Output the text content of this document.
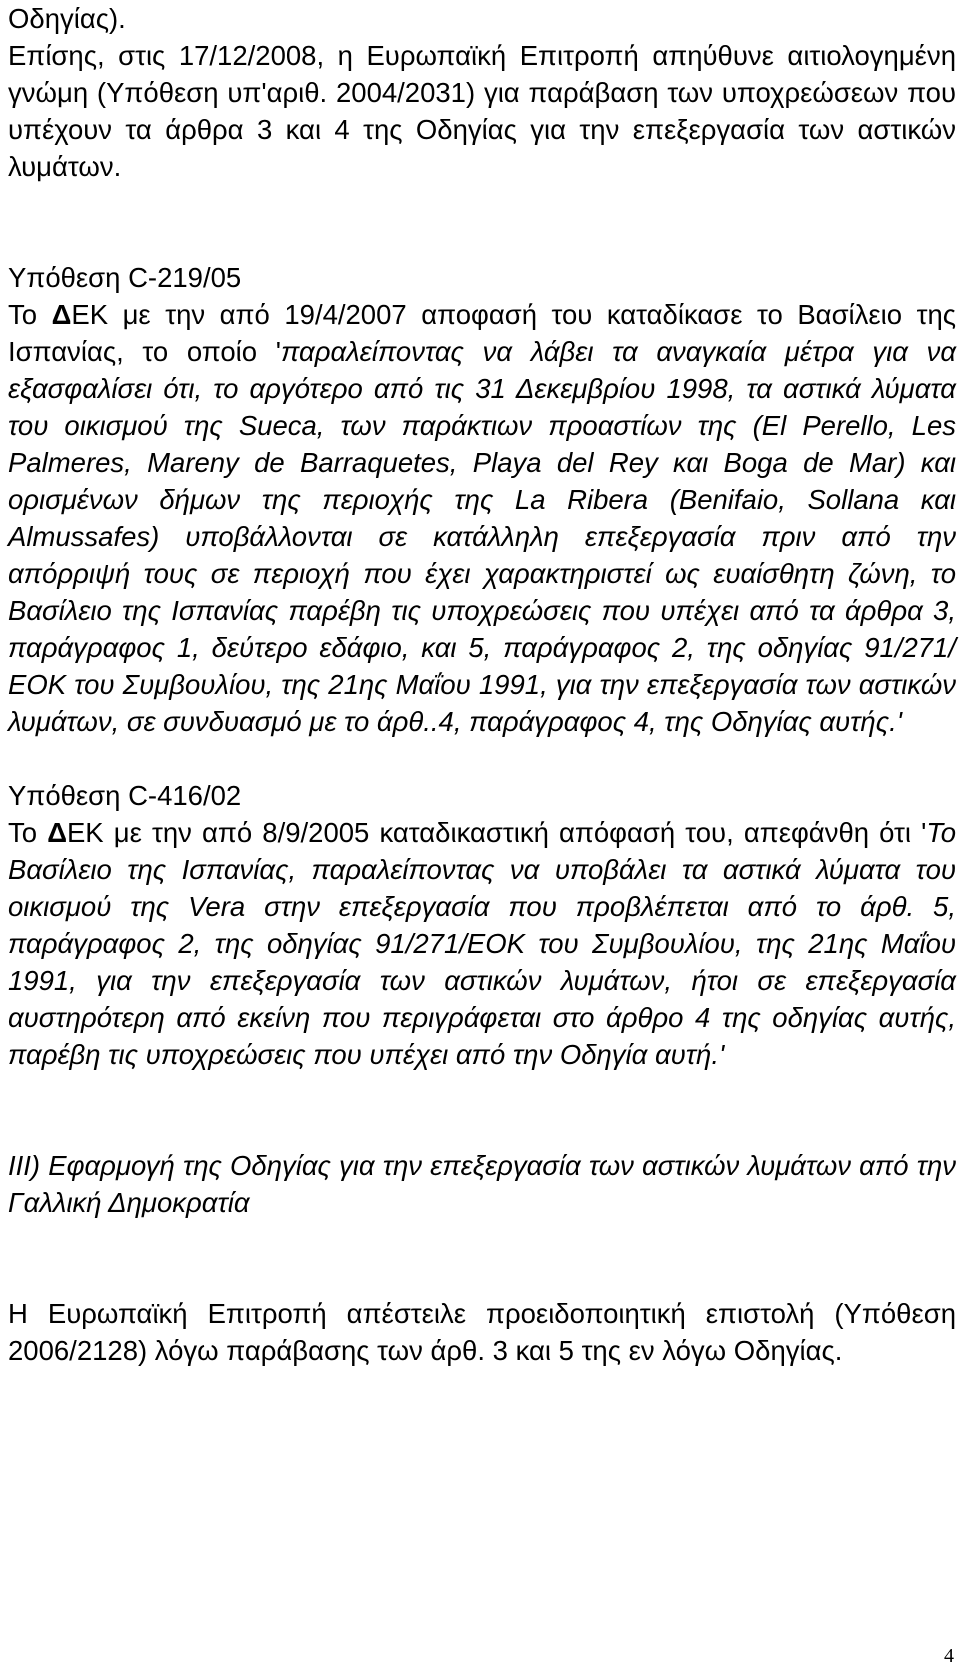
Οδηγίας).

Επίσης, στις 17/12/2008, η Ευρωπαϊκή Επιτροπή απηύθυνε αιτιολογημένη γνώμη (Υπόθεση υπ'αριθ. 2004/2031) για παράβαση των υποχρεώσεων που υπέχουν τα άρθρα 3 και 4 της Οδηγίας για την επεξεργασία των αστικών λυμάτων.

Υπόθεση C-219/05

Το ΔΕΚ με την από 19/4/2007 αποφασή του καταδίκασε το Βασίλειο της Ισπανίας, το οποίο 'παραλείποντας να λάβει τα αναγκαία μέτρα για να εξασφαλίσει ότι, το αργότερο από τις 31 Δεκεμβρίου 1998, τα αστικά λύματα του οικισμού της Sueca, των παράκτιων προαστίων της (El Perello, Les Palmeres, Mareny de Barraquetes, Playa del Rey και Boga de Mar) και ορισμένων δήμων της περιοχής της La Ribera (Benifaio, Sollana και Almussafes) υποβάλλονται σε κατάλληλη επεξεργασία πριν από την απόρριψή τους σε περιοχή που έχει χαρακτηριστεί ως ευαίσθητη ζώνη, το Βασίλειο της Ισπανίας παρέβη τις υποχρεώσεις που υπέχει από τα άρθρα 3, παράγραφος 1, δεύτερο εδάφιο, και 5, παράγραφος 2, της οδηγίας 91/271/ΕΟΚ του Συμβουλίου, της 21ης Μαΐου 1991, για την επεξεργασία των αστικών λυμάτων, σε συνδυασμό με το άρθ..4, παράγραφος 4, της Οδηγίας αυτής.'

Υπόθεση C-416/02

Το ΔΕΚ με την από 8/9/2005 καταδικαστική απόφασή του, απεφάνθη ότι 'Το Βασίλειο της Ισπανίας, παραλείποντας να υποβάλει τα αστικά λύματα του οικισμού της Vera στην επεξεργασία που προβλέπεται από το άρθ. 5, παράγραφος 2, της οδηγίας 91/271/ΕΟΚ του Συμβουλίου, της 21ης Μαΐου 1991, για την επεξεργασία των αστικών λυμάτων, ήτοι σε επεξεργασία αυστηρότερη από εκείνη που περιγράφεται στο άρθρο 4 της οδηγίας αυτής, παρέβη τις υποχρεώσεις που υπέχει από την Οδηγία αυτή.'

III) Εφαρμογή της Οδηγίας για την επεξεργασία των αστικών λυμάτων από την Γαλλική Δημοκρατία

Η Ευρωπαϊκή Επιτροπή απέστειλε προειδοποιητική επιστολή (Υπόθεση 2006/2128) λόγω παράβασης των άρθ. 3 και 5 της εν λόγω Οδηγίας.

4
